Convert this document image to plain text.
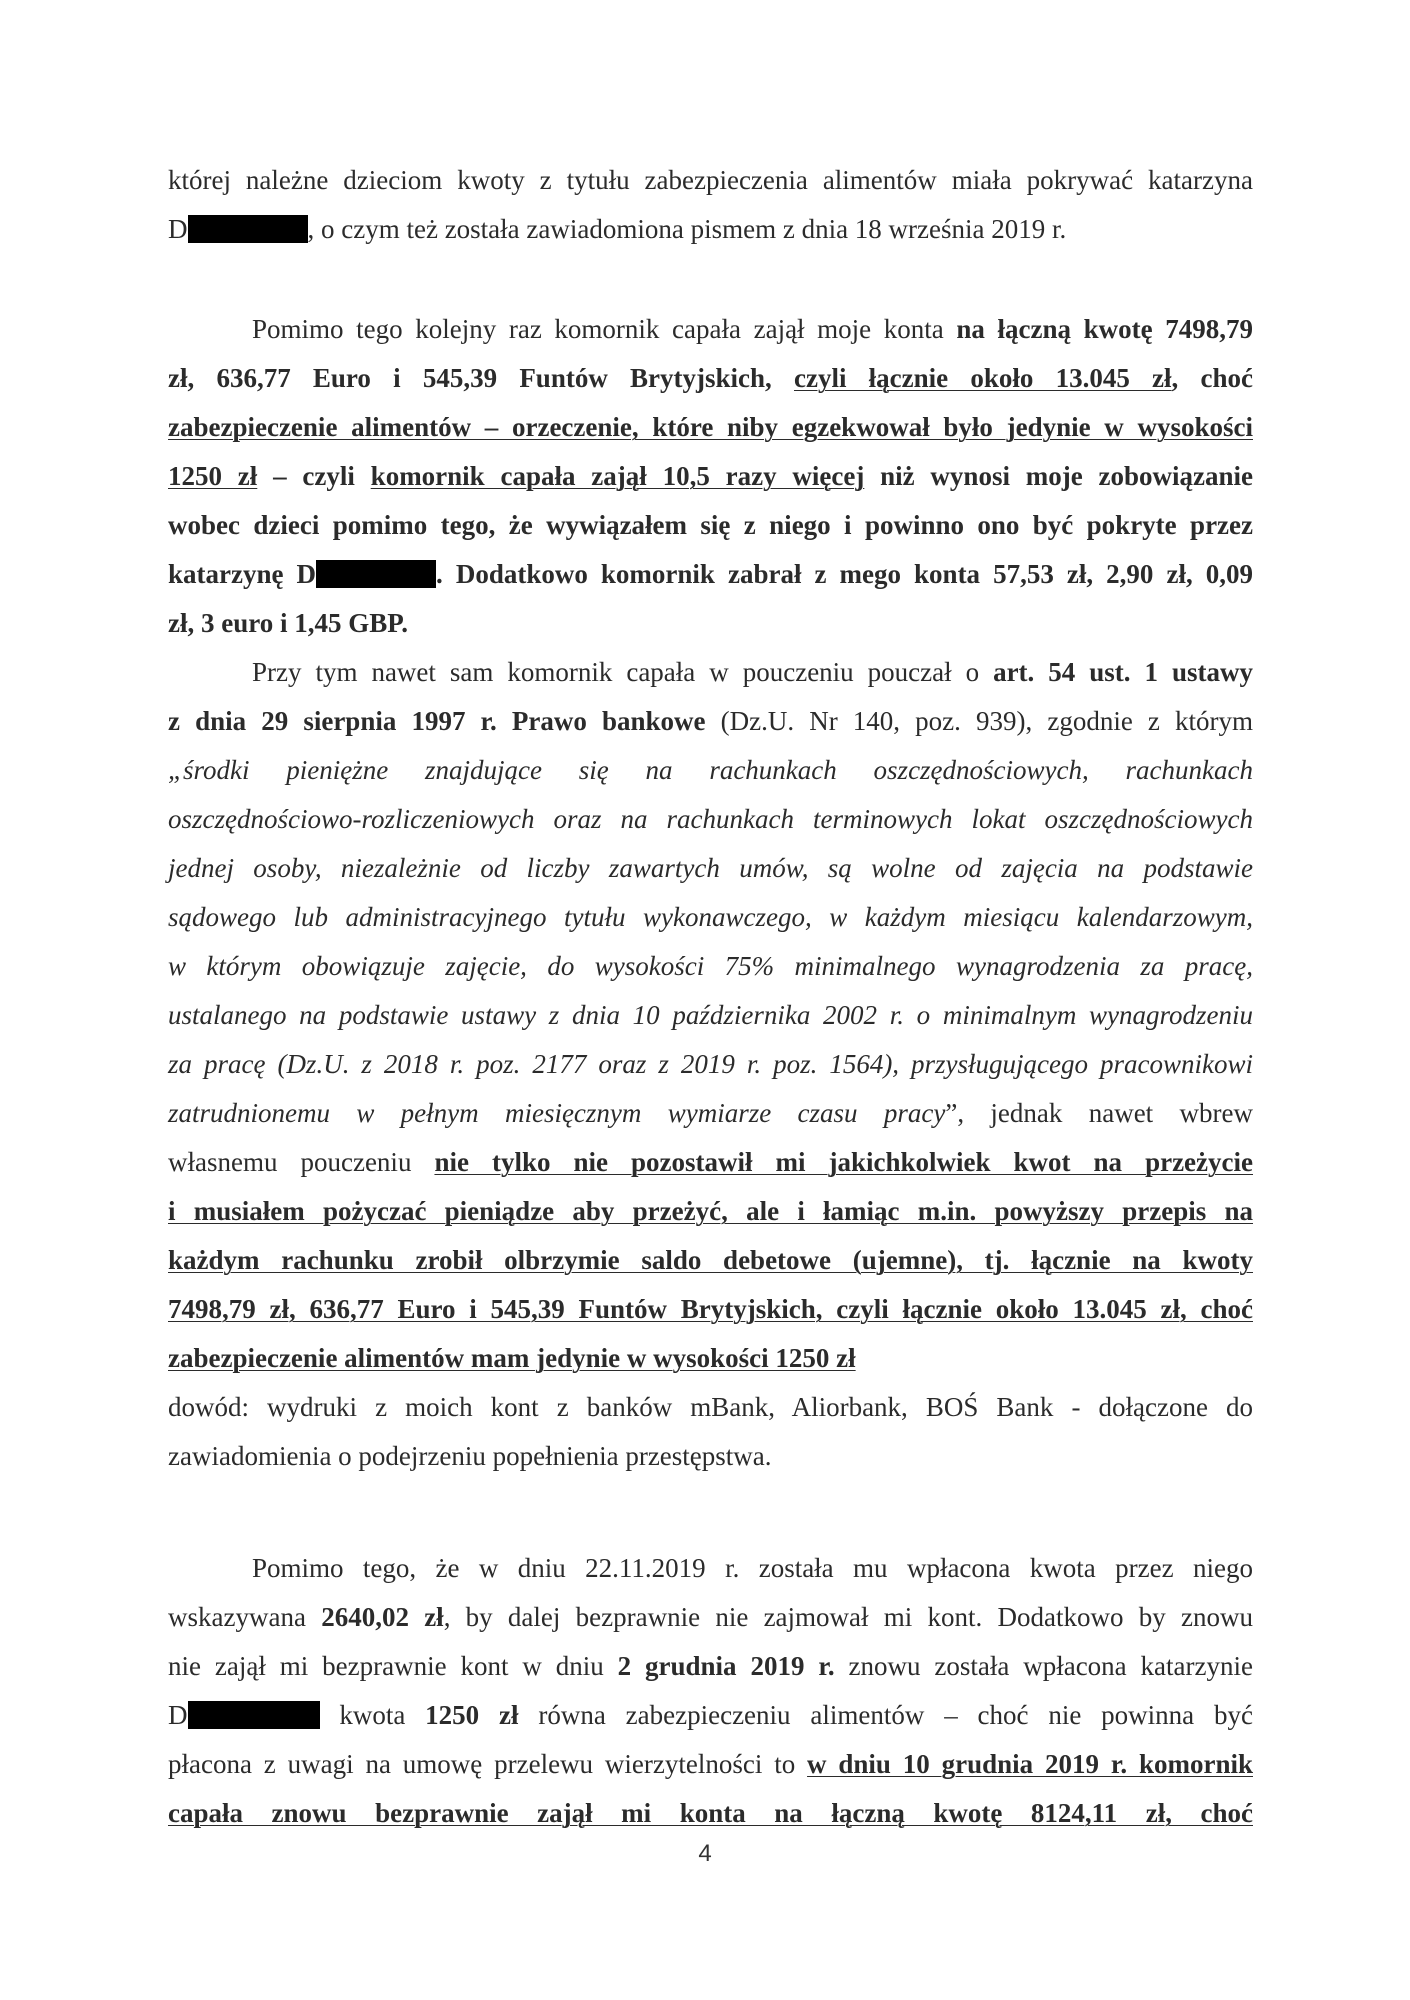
której należne dzieciom kwoty z tytułu zabezpieczenia alimentów miała pokrywać katarzyna
D	, o czym też została zawiadomiona pismem z dnia 18 września 2019 r.
Pomimo tego kolejny raz komornik capała zajął moje konta na łączną kwotę 7498,79
zł, 636,77 Euro i 545,39 Funtów Brytyjskich, czyli łącznie około 13.045 zł, choć
zabezpieczenie alimentów – orzeczenie, które niby egzekwował było jedynie w wysokości
1250 zł – czyli komornik capała zajął 10,5 razy więcej niż wynosi moje zobowiązanie
wobec dzieci pomimo tego, że wywiązałem się z niego i powinno ono być pokryte przez
katarzynę D	. Dodatkowo komornik zabrał z mego konta 57,53 zł, 2,90 zł, 0,09
zł, 3 euro i 1,45 GBP.
Przy tym nawet sam komornik capała w pouczeniu pouczał o art. 54 ust. 1 ustawy
z dnia 29 sierpnia 1997 r. Prawo bankowe (Dz.U. Nr 140, poz. 939), zgodnie z którym
„środki pieniężne znajdujące się na rachunkach oszczędnościowych, rachunkach
oszczędnościowo-rozliczeniowych oraz na rachunkach terminowych lokat oszczędnościowych
jednej osoby, niezależnie od liczby zawartych umów, są wolne od zajęcia na podstawie
sądowego lub administracyjnego tytułu wykonawczego, w każdym miesiącu kalendarzowym,
w którym obowiązuje zajęcie, do wysokości 75% minimalnego wynagrodzenia za pracę,
ustalanego na podstawie ustawy z dnia 10 października 2002 r. o minimalnym wynagrodzeniu
za pracę (Dz.U. z 2018 r. poz. 2177 oraz z 2019 r. poz. 1564), przysługującego pracownikowi
zatrudnionemu w pełnym miesięcznym wymiarze czasu pracy”, jednak nawet wbrew
własnemu pouczeniu nie tylko nie pozostawił mi jakichkolwiek kwot na przeżycie
i musiałem pożyczać pieniądze aby przeżyć, ale i łamiąc m.in. powyższy przepis na
każdym rachunku zrobił olbrzymie saldo debetowe (ujemne), tj. łącznie na kwoty
7498,79 zł, 636,77 Euro i 545,39 Funtów Brytyjskich, czyli łącznie około 13.045 zł, choć
zabezpieczenie alimentów mam jedynie w wysokości 1250 zł
dowód: wydruki z moich kont z banków mBank, Aliorbank, BOŚ Bank - dołączone do
zawiadomienia o podejrzeniu popełnienia przestępstwa.
Pomimo tego, że w dniu 22.11.2019 r. została mu wpłacona kwota przez niego
wskazywana 2640,02 zł, by dalej bezprawnie nie zajmował mi kont. Dodatkowo by znowu
nie zajął mi bezprawnie kont w dniu 2 grudnia 2019 r. znowu została wpłacona katarzynie
D	kwota 1250 zł równa zabezpieczeniu alimentów – choć nie powinna być
płacona z uwagi na umowę przelewu wierzytelności to w dniu 10 grudnia 2019 r. komornik
capała znowu bezprawnie zajął mi konta na łączną kwotę 8124,11 zł, choć
4
